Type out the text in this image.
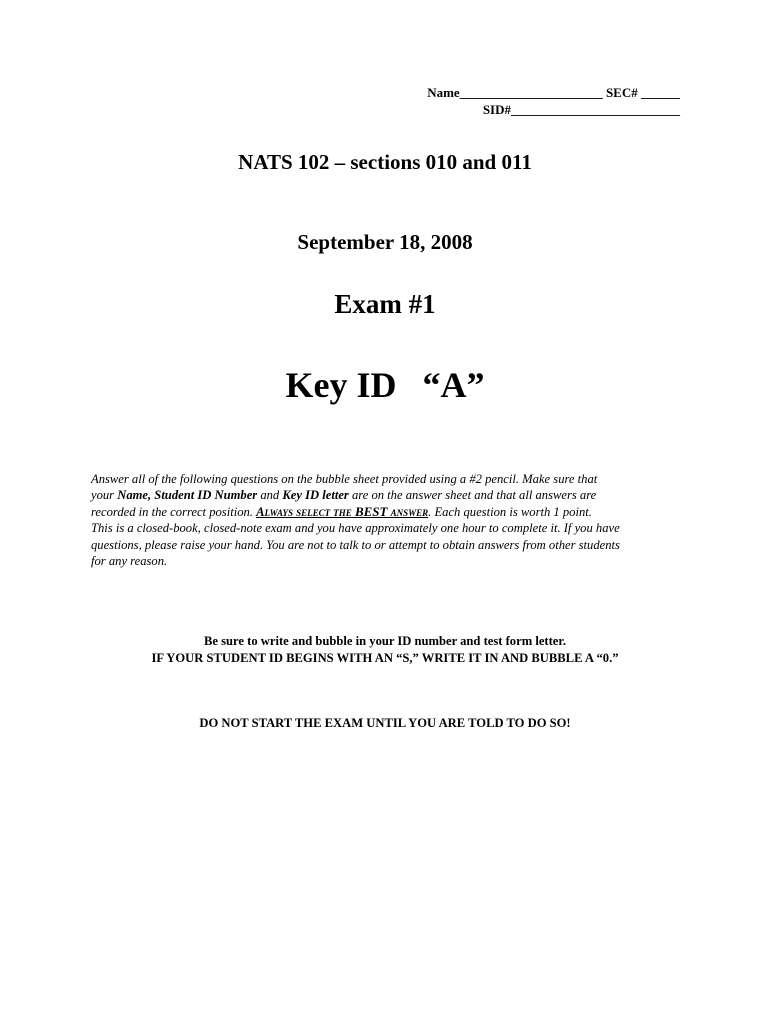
Name______________________ SEC# ______
SID#__________________________
NATS 102 – sections 010 and 011
September 18, 2008
Exam #1
Key ID “A”
Answer all of the following questions on the bubble sheet provided using a #2 pencil. Make sure that
your Name, Student ID Number and Key ID letter are on the answer sheet and that all answers are
recorded in the correct position. Always select the BEST answer. Each question is worth 1 point.
This is a closed-book, closed-note exam and you have approximately one hour to complete it. If you have
questions, please raise your hand. You are not to talk to or attempt to obtain answers from other students
for any reason.
Be sure to write and bubble in your ID number and test form letter.
IF YOUR STUDENT ID BEGINS WITH AN “S,” WRITE IT IN AND BUBBLE A “0.”
DO NOT START THE EXAM UNTIL YOU ARE TOLD TO DO SO!
